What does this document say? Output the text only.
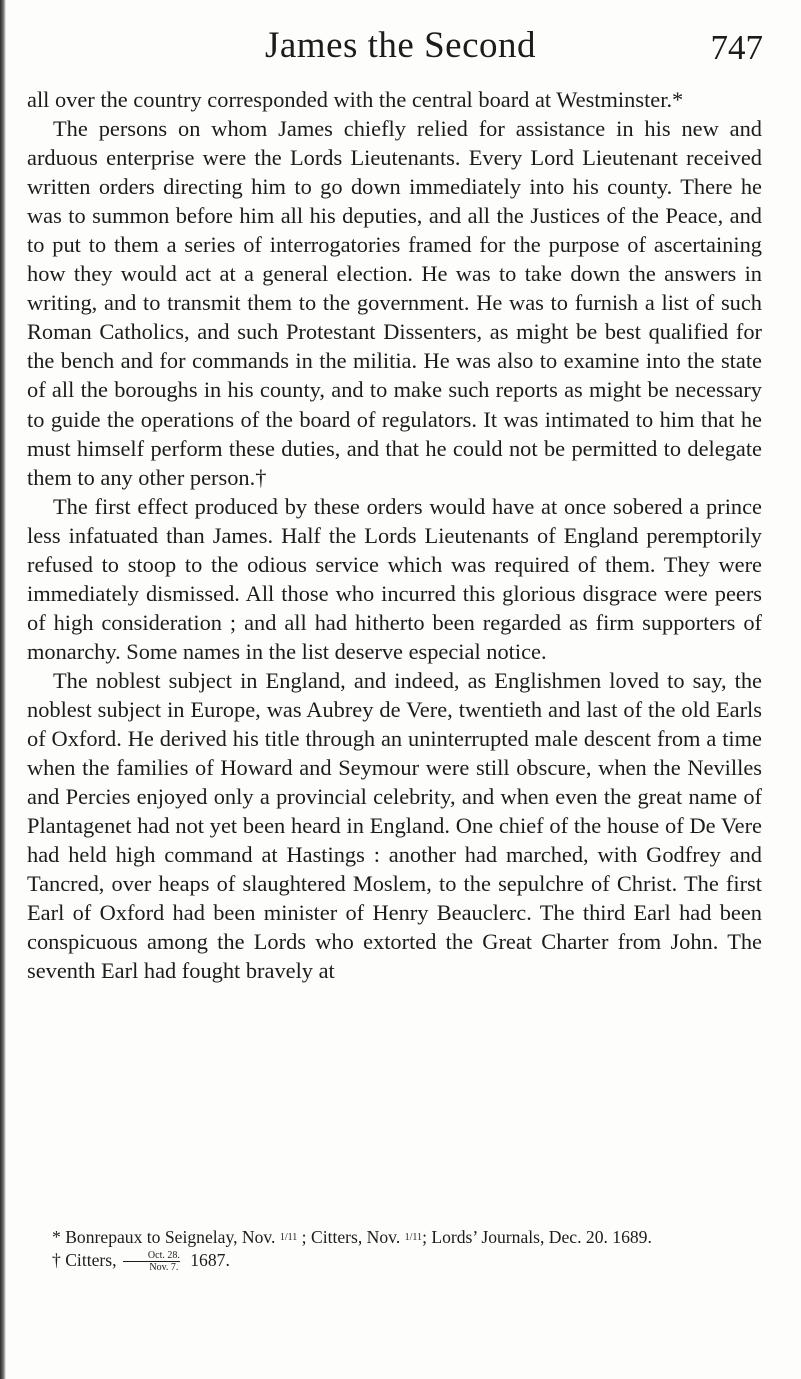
James the Second	747

all over the country corresponded with the central board at Westminster.*

The persons on whom James chiefly relied for assistance in his new and arduous enterprise were the Lords Lieutenants. Every Lord Lieutenant received written orders directing him to go down immediately into his county. There he was to summon before him all his deputies, and all the Justices of the Peace, and to put to them a series of interrogatories framed for the purpose of ascertaining how they would act at a general election. He was to take down the answers in writing, and to transmit them to the government. He was to furnish a list of such Roman Catholics, and such Protestant Dissenters, as might be best qualified for the bench and for commands in the militia. He was also to examine into the state of all the boroughs in his county, and to make such reports as might be necessary to guide the operations of the board of regulators. It was intimated to him that he must himself perform these duties, and that he could not be permitted to delegate them to any other person.†

The first effect produced by these orders would have at once sobered a prince less infatuated than James. Half the Lords Lieutenants of England peremptorily refused to stoop to the odious service which was required of them. They were immediately dismissed. All those who incurred this glorious disgrace were peers of high consideration ; and all had hitherto been regarded as firm supporters of monarchy. Some names in the list deserve especial notice.

The noblest subject in England, and indeed, as Englishmen loved to say, the noblest subject in Europe, was Aubrey de Vere, twentieth and last of the old Earls of Oxford. He derived his title through an uninterrupted male descent from a time when the families of Howard and Seymour were still obscure, when the Nevilles and Percies enjoyed only a provincial celebrity, and when even the great name of Plantagenet had not yet been heard in England. One chief of the house of De Vere had held high command at Hastings : another had marched, with Godfrey and Tancred, over heaps of slaughtered Moslem, to the sepulchre of Christ. The first Earl of Oxford had been minister of Henry Beauclerc. The third Earl had been conspicuous among the Lords who extorted the Great Charter from John. The seventh Earl had fought bravely at

* Bonrepaux to Seignelay, Nov. 1/11 ; Citters, Nov. 1/11; Lords’ Journals, Dec. 20. 1689.

† Citters,	Oct. 28.
Nov. 7. 1687.
